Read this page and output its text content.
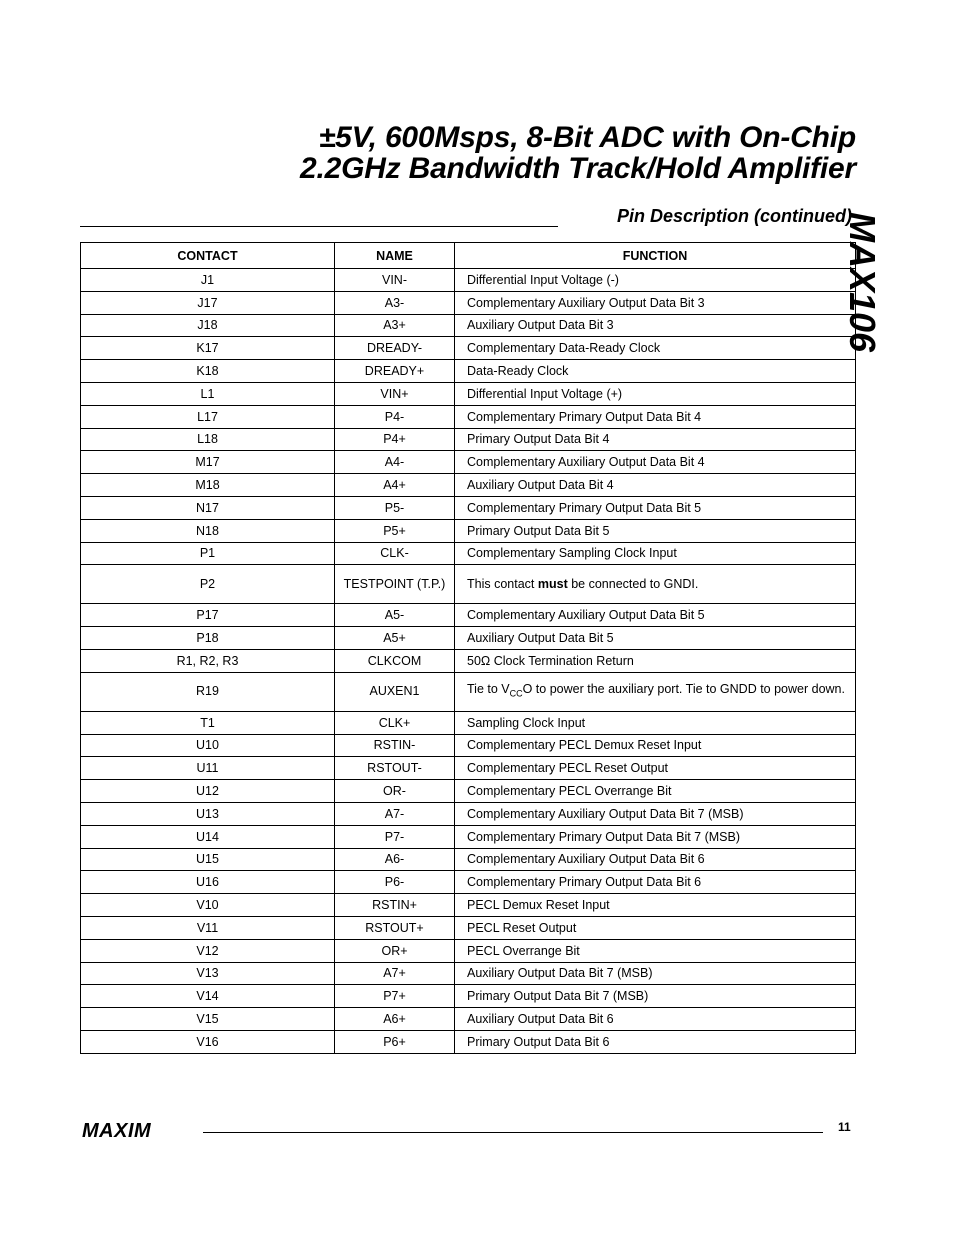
±5V, 600Msps, 8-Bit ADC with On-Chip
2.2GHz Bandwidth Track/Hold Amplifier
MAX106
Pin Description (continued)
CONTACT	NAME	FUNCTION
J1	VIN-	Differential Input Voltage (-)
J17	A3-	Complementary Auxiliary Output Data Bit 3
J18	A3+	Auxiliary Output Data Bit 3
K17	DREADY-	Complementary Data-Ready Clock
K18	DREADY+	Data-Ready Clock
L1	VIN+	Differential Input Voltage (+)
L17	P4-	Complementary Primary Output Data Bit 4
L18	P4+	Primary Output Data Bit 4
M17	A4-	Complementary Auxiliary Output Data Bit 4
M18	A4+	Auxiliary Output Data Bit 4
N17	P5-	Complementary Primary Output Data Bit 5
N18	P5+	Primary Output Data Bit 5
P1	CLK-	Complementary Sampling Clock Input
P2	TESTPOINT (T.P.)	This contact must be connected to GNDI.
P17	A5-	Complementary Auxiliary Output Data Bit 5
P18	A5+	Auxiliary Output Data Bit 5
R1, R2, R3	CLKCOM	50Ω Clock Termination Return
R19	AUXEN1	Tie to $V_{CC}O$ to power the auxiliary port. Tie to GNDD to power down.
T1	CLK+	Sampling Clock Input
U10	RSTIN-	Complementary PECL Demux Reset Input
U11	RSTOUT-	Complementary PECL Reset Output
U12	OR-	Complementary PECL Overrange Bit
U13	A7-	Complementary Auxiliary Output Data Bit 7 (MSB)
U14	P7-	Complementary Primary Output Data Bit 7 (MSB)
U15	A6-	Complementary Auxiliary Output Data Bit 6
U16	P6-	Complementary Primary Output Data Bit 6
V10	RSTIN+	PECL Demux Reset Input
V11	RSTOUT+	PECL Reset Output
V12	OR+	PECL Overrange Bit
V13	A7+	Auxiliary Output Data Bit 7 (MSB)
V14	P7+	Primary Output Data Bit 7 (MSB)
V15	A6+	Auxiliary Output Data Bit 6
V16	P6+	Primary Output Data Bit 6
MAXIM	11
